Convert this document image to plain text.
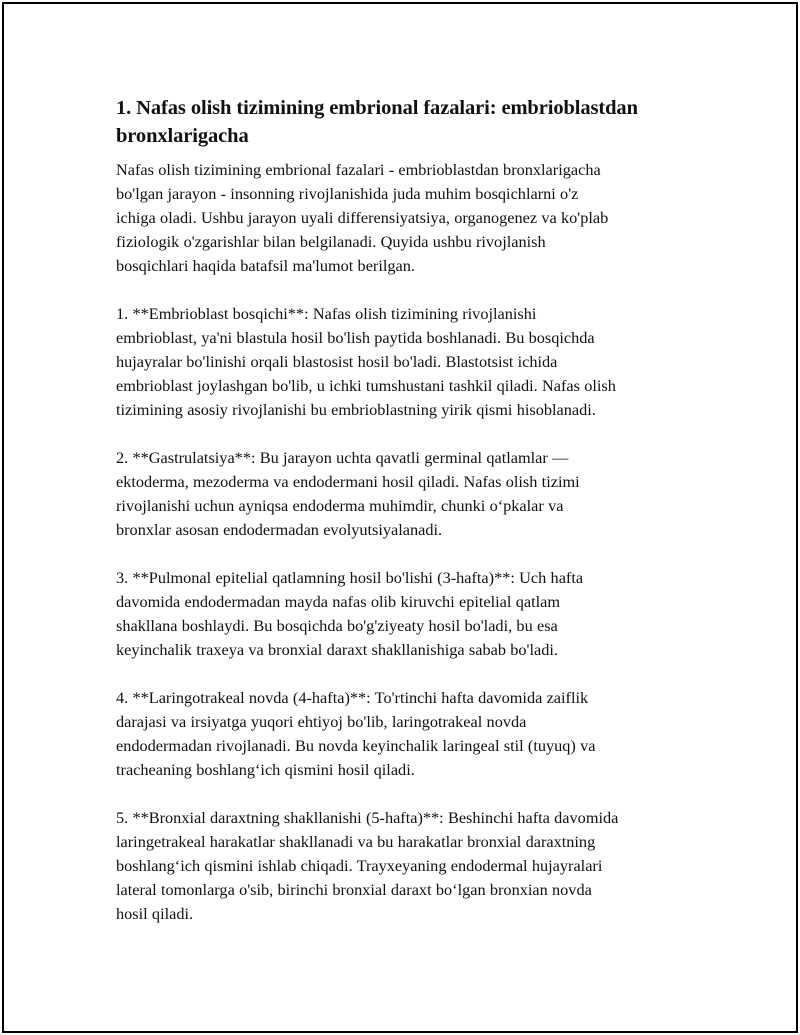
1. Nafas olish tizimining embrional fazalari: embrioblastdan bronxlarigacha

Nafas olish tizimining embrional fazalari - embrioblastdan bronxlarigacha
bo'lgan jarayon - insonning rivojlanishida juda muhim bosqichlarni o'z
ichiga oladi. Ushbu jarayon uyali differensiyatsiya, organogenez va ko'plab
fiziologik o'zgarishlar bilan belgilanadi. Quyida ushbu rivojlanish
bosqichlari haqida batafsil ma'lumot berilgan.

1. **Embrioblast bosqichi**: Nafas olish tizimining rivojlanishi
embrioblast, ya'ni blastula hosil bo'lish paytida boshlanadi. Bu bosqichda
hujayralar bo'linishi orqali blastosist hosil bo'ladi. Blastotsist ichida
embrioblast joylashgan bo'lib, u ichki tumshustani tashkil qiladi. Nafas olish
tizimining asosiy rivojlanishi bu embrioblastning yirik qismi hisoblanadi.

2. **Gastrulatsiya**: Bu jarayon uchta qavatli germinal qatlamlar —
ektoderma, mezoderma va endodermani hosil qiladi. Nafas olish tizimi
rivojlanishi uchun ayniqsa endoderma muhimdir, chunki o‘pkalar va
bronxlar asosan endodermadan evolyutsiyalanadi.

3. **Pulmonal epitelial qatlamning hosil bo'lishi (3-hafta)**: Uch hafta
davomida endodermadan mayda nafas olib kiruvchi epitelial qatlam
shakllana boshlaydi. Bu bosqichda bo'g'ziyeaty hosil bo'ladi, bu esa
keyinchalik traxeya va bronxial daraxt shakllanishiga sabab bo'ladi.

4. **Laringotrakeal novda (4-hafta)**: To'rtinchi hafta davomida zaiflik
darajasi va irsiyatga yuqori ehtiyoj bo'lib, laringotrakeal novda
endodermadan rivojlanadi. Bu novda keyinchalik laringeal stil (tuyuq) va
tracheaning boshlang‘ich qismini hosil qiladi.

5. **Bronxial daraxtning shakllanishi (5-hafta)**: Beshinchi hafta davomida
laringetrakeal harakatlar shakllanadi va bu harakatlar bronxial daraxtning
boshlang‘ich qismini ishlab chiqadi. Trayxeyaning endodermal hujayralari
lateral tomonlarga o'sib, birinchi bronxial daraxt bo‘lgan bronxian novda
hosil qiladi.
